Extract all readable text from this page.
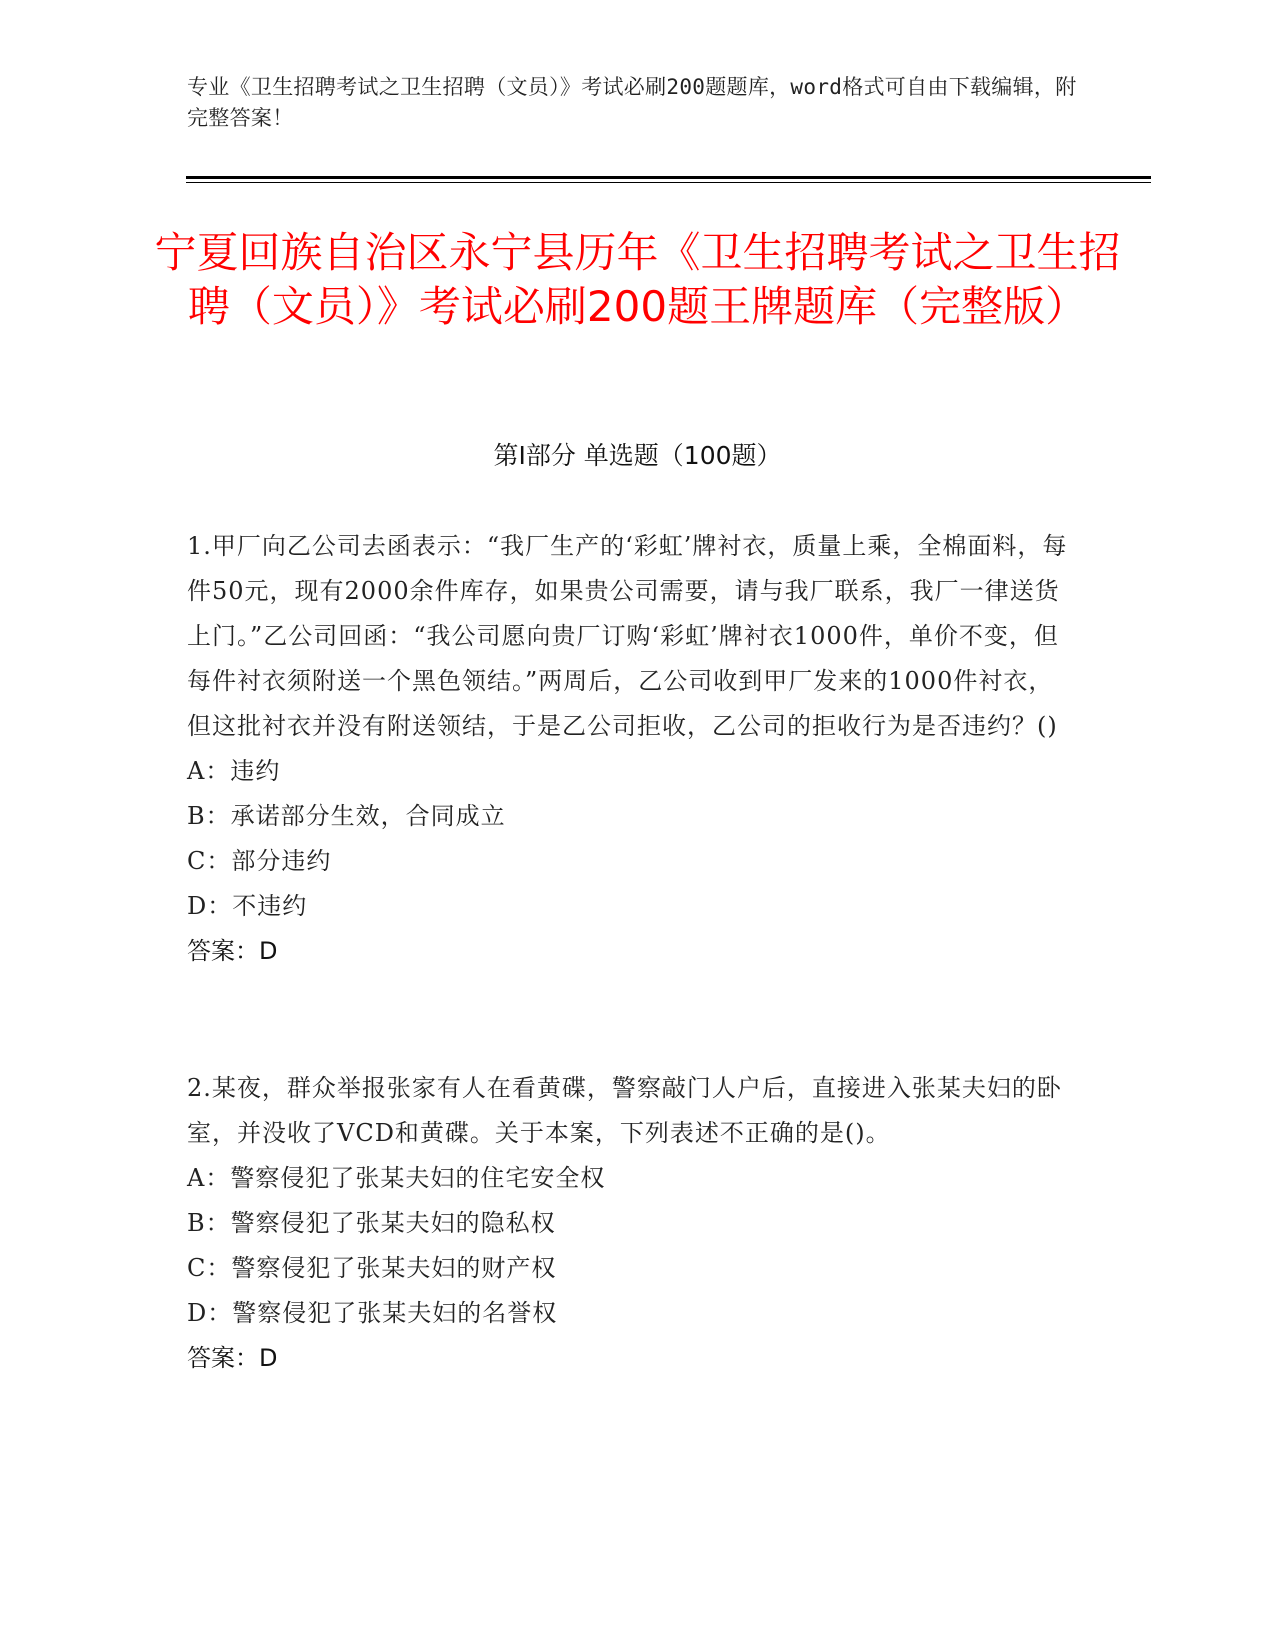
专业《卫生招聘考试之卫生招聘（文员）》考试必刷200题题库，word格式可自由下载编辑，附完整答案！
宁夏回族自治区永宁县历年《卫生招聘考试之卫生招聘（文员）》考试必刷200题王牌题库（完整版）
第Ⅰ部分 单选题（100题）
1.甲厂向乙公司去函表示：“我厂生产的‘彩虹’牌衬衣，质量上乘，全棉面料，每件50元，现有2000余件库存，如果贵公司需要，请与我厂联系，我厂一律送货上门。”乙公司回函：“我公司愿向贵厂订购‘彩虹’牌衬衣1000件，单价不变，但每件衬衣须附送一个黑色领结。”两周后，乙公司收到甲厂发来的1000件衬衣，但这批衬衣并没有附送领结，于是乙公司拒收，乙公司的拒收行为是否违约？()
A：违约
B：承诺部分生效，合同成立
C：部分违约
D：不违约
答案：D
2.某夜，群众举报张家有人在看黄碟，警察敲门人户后，直接进入张某夫妇的卧室，并没收了VCD和黄碟。关于本案，下列表述不正确的是()。
A：警察侵犯了张某夫妇的住宅安全权
B：警察侵犯了张某夫妇的隐私权
C：警察侵犯了张某夫妇的财产权
D：警察侵犯了张某夫妇的名誉权
答案：D
